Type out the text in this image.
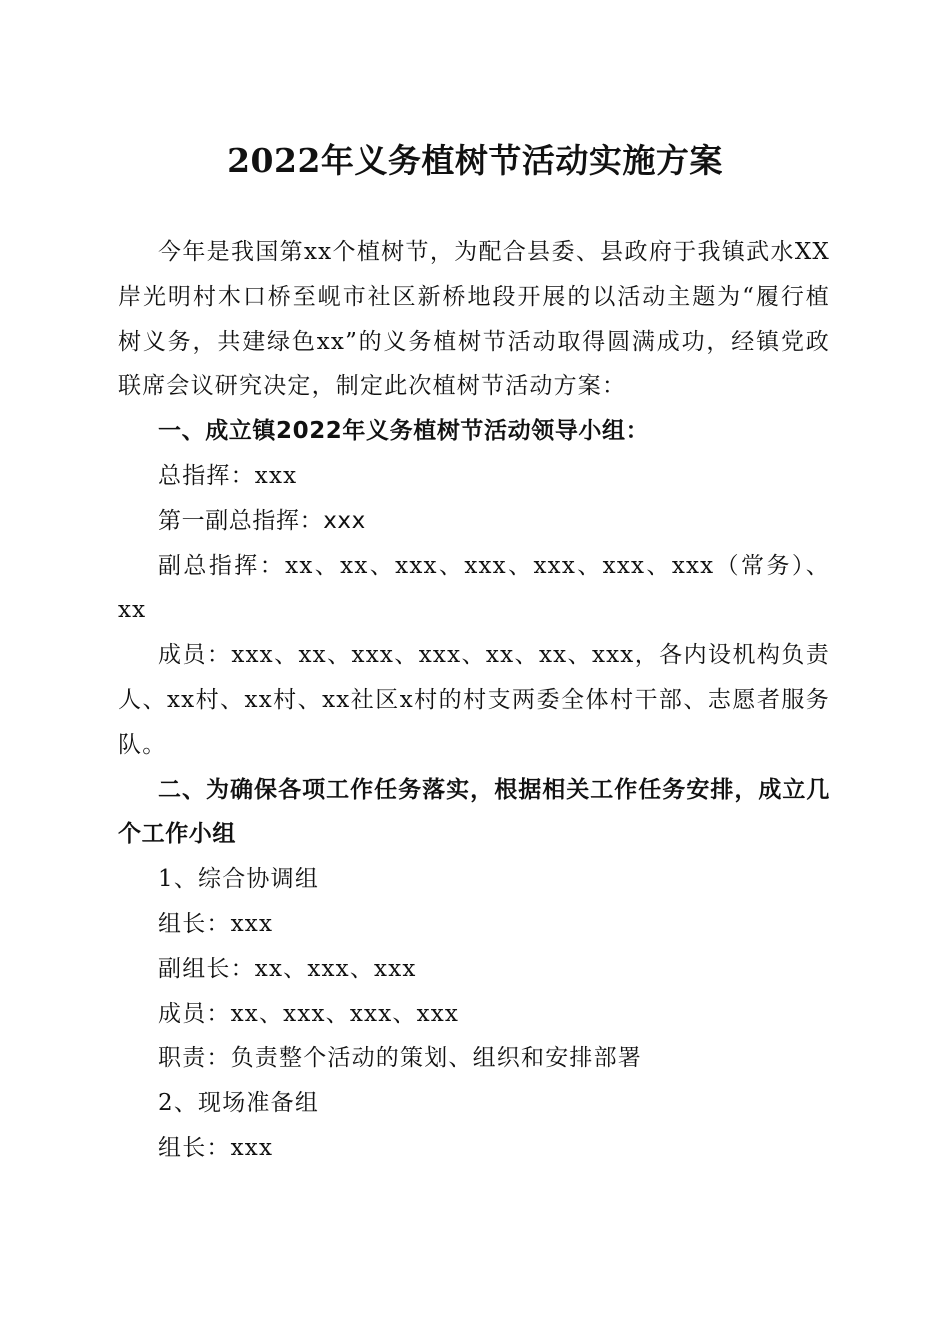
2022年义务植树节活动实施方案

今年是我国第xx个植树节，为配合县委、县政府于我镇武水XX岸光明村木口桥至岘市社区新桥地段开展的以活动主题为“履行植树义务，共建绿色xx”的义务植树节活动取得圆满成功，经镇党政联席会议研究决定，制定此次植树节活动方案：

一、成立镇2022年义务植树节活动领导小组：

总指挥：xxx

第一副总指挥：xxx

副总指挥：xx、xx、xxx、xxx、xxx、xxx、xxx（常务）、xx

成员：xxx、xx、xxx、xxx、xx、xx、xxx，各内设机构负责人、xx村、xx村、xx社区x村的村支两委全体村干部、志愿者服务队。

二、为确保各项工作任务落实，根据相关工作任务安排，成立几个工作小组

1、综合协调组

组长：xxx

副组长：xx、xxx、xxx

成员：xx、xxx、xxx、xxx

职责：负责整个活动的策划、组织和安排部署

2、现场准备组

组长：xxx
